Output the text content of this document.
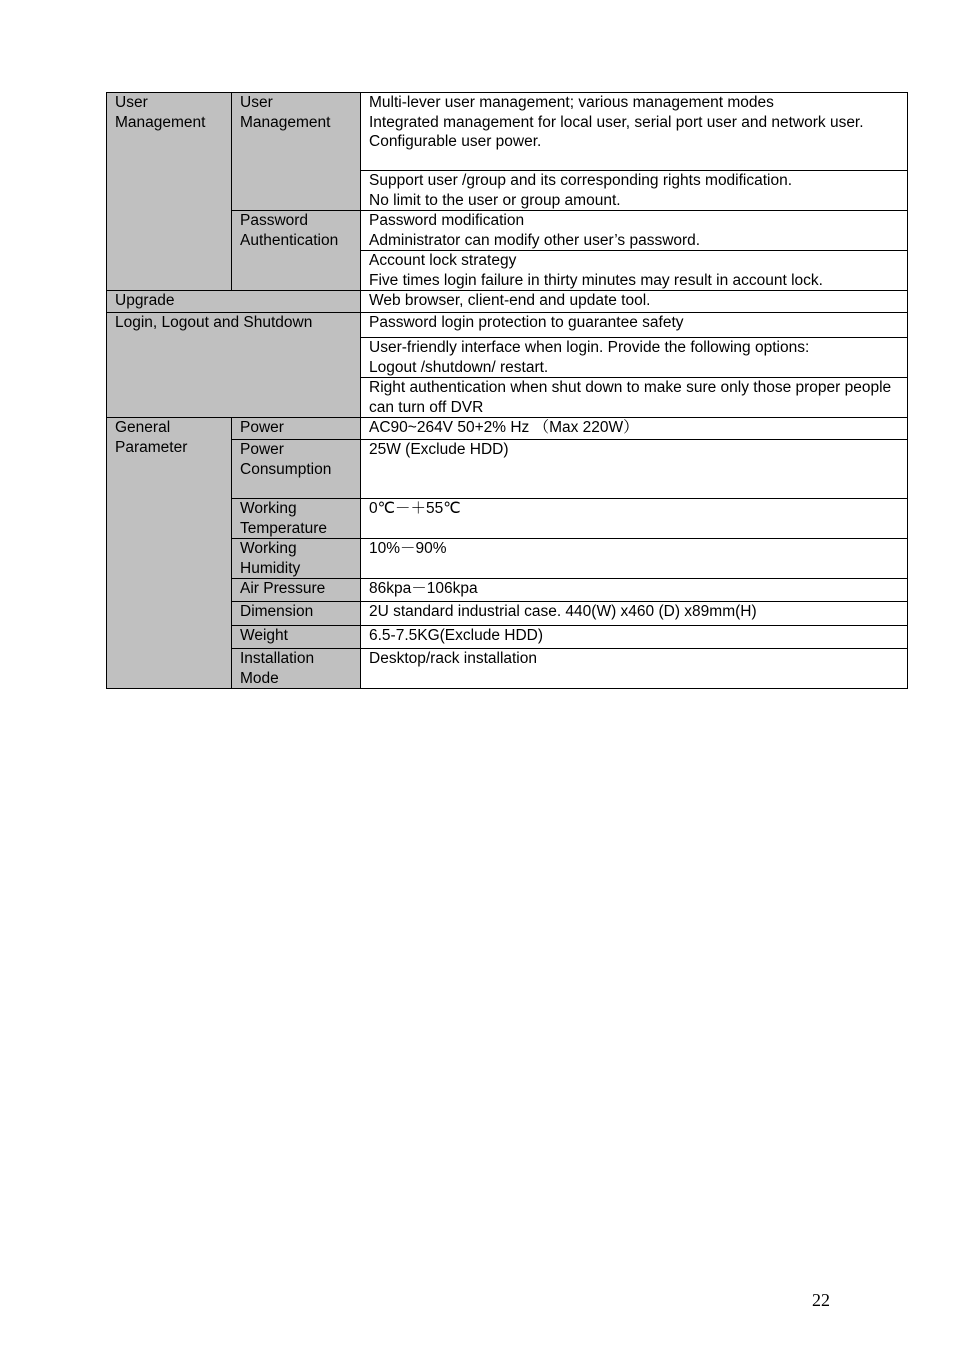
User Management	User Management	Multi-lever user management; various management modes
Integrated management for local user, serial port user and network user.
Configurable user power.

		Support user /group and its corresponding rights modification.
No limit to the user or group amount.

	Password Authentication	Password modification
Administrator can modify other user’s password.

		Account lock strategy
Five times login failure in thirty minutes may result in account lock.

Upgrade		Web browser, client-end and update tool.

Login, Logout and Shutdown		Password login protection to guarantee safety

		User-friendly interface when login. Provide the following options:
Logout /shutdown/ restart.

		Right authentication when shut down to make sure only those proper people can turn off DVR

General Parameter	Power	AC90~264V 50+2% Hz （Max 220W）

	Power Consumption	25W (Exclude HDD)

	Working Temperature	0℃－＋55℃

	Working Humidity	10%－90%

	Air Pressure	86kpa－106kpa

	Dimension	2U standard industrial case. 440(W) x460 (D) x89mm(H)

	Weight	6.5-7.5KG(Exclude HDD)

	Installation Mode	Desktop/rack installation
22
